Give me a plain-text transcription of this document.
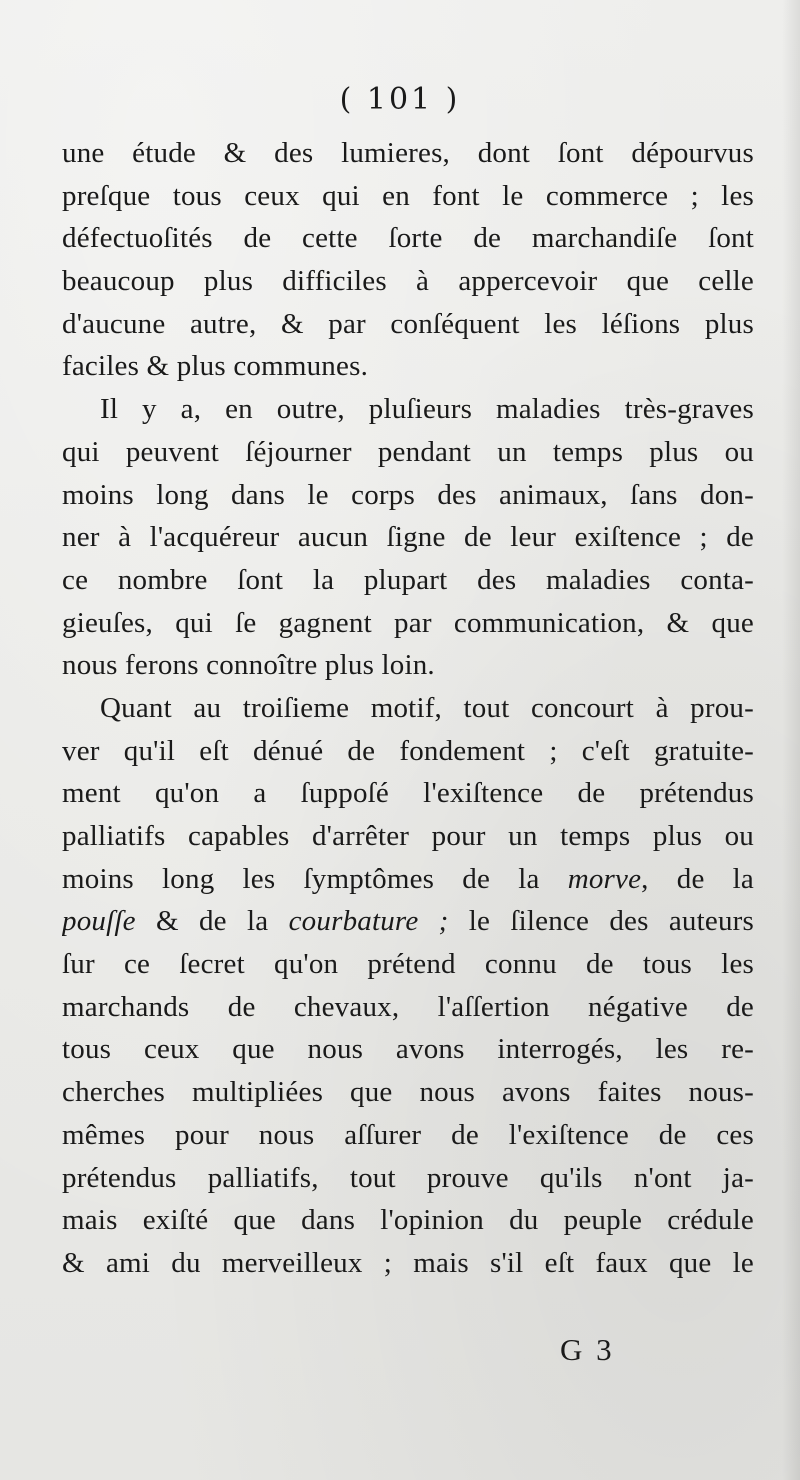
( 101 )
une étude & des lumieres, dont ſont dépourvus
preſque tous ceux qui en font le commerce ; les
défectuoſités de cette ſorte de marchandiſe ſont
beaucoup plus difficiles à appercevoir que celle
d'aucune autre, & par conſéquent les léſions plus
faciles & plus communes.
Il y a, en outre, pluſieurs maladies très-graves
qui peuvent ſéjourner pendant un temps plus ou
moins long dans le corps des animaux, ſans don-
ner à l'acquéreur aucun ſigne de leur exiſtence ; de
ce nombre ſont la plupart des maladies conta-
gieuſes, qui ſe gagnent par communication, & que
nous ferons connoître plus loin.
Quant au troiſieme motif, tout concourt à prou-
ver qu'il eſt dénué de fondement ; c'eſt gratuite-
ment qu'on a ſuppoſé l'exiſtence de prétendus
palliatifs capables d'arrêter pour un temps plus ou
moins long les ſymptômes de la morve, de la
pouſſe & de la courbature ; le ſilence des auteurs
ſur ce ſecret qu'on prétend connu de tous les
marchands de chevaux, l'aſſertion négative de
tous ceux que nous avons interrogés, les re-
cherches multipliées que nous avons faites nous-
mêmes pour nous aſſurer de l'exiſtence de ces
prétendus palliatifs, tout prouve qu'ils n'ont ja-
mais exiſté que dans l'opinion du peuple crédule
& ami du merveilleux ; mais s'il eſt faux que le
G 3
